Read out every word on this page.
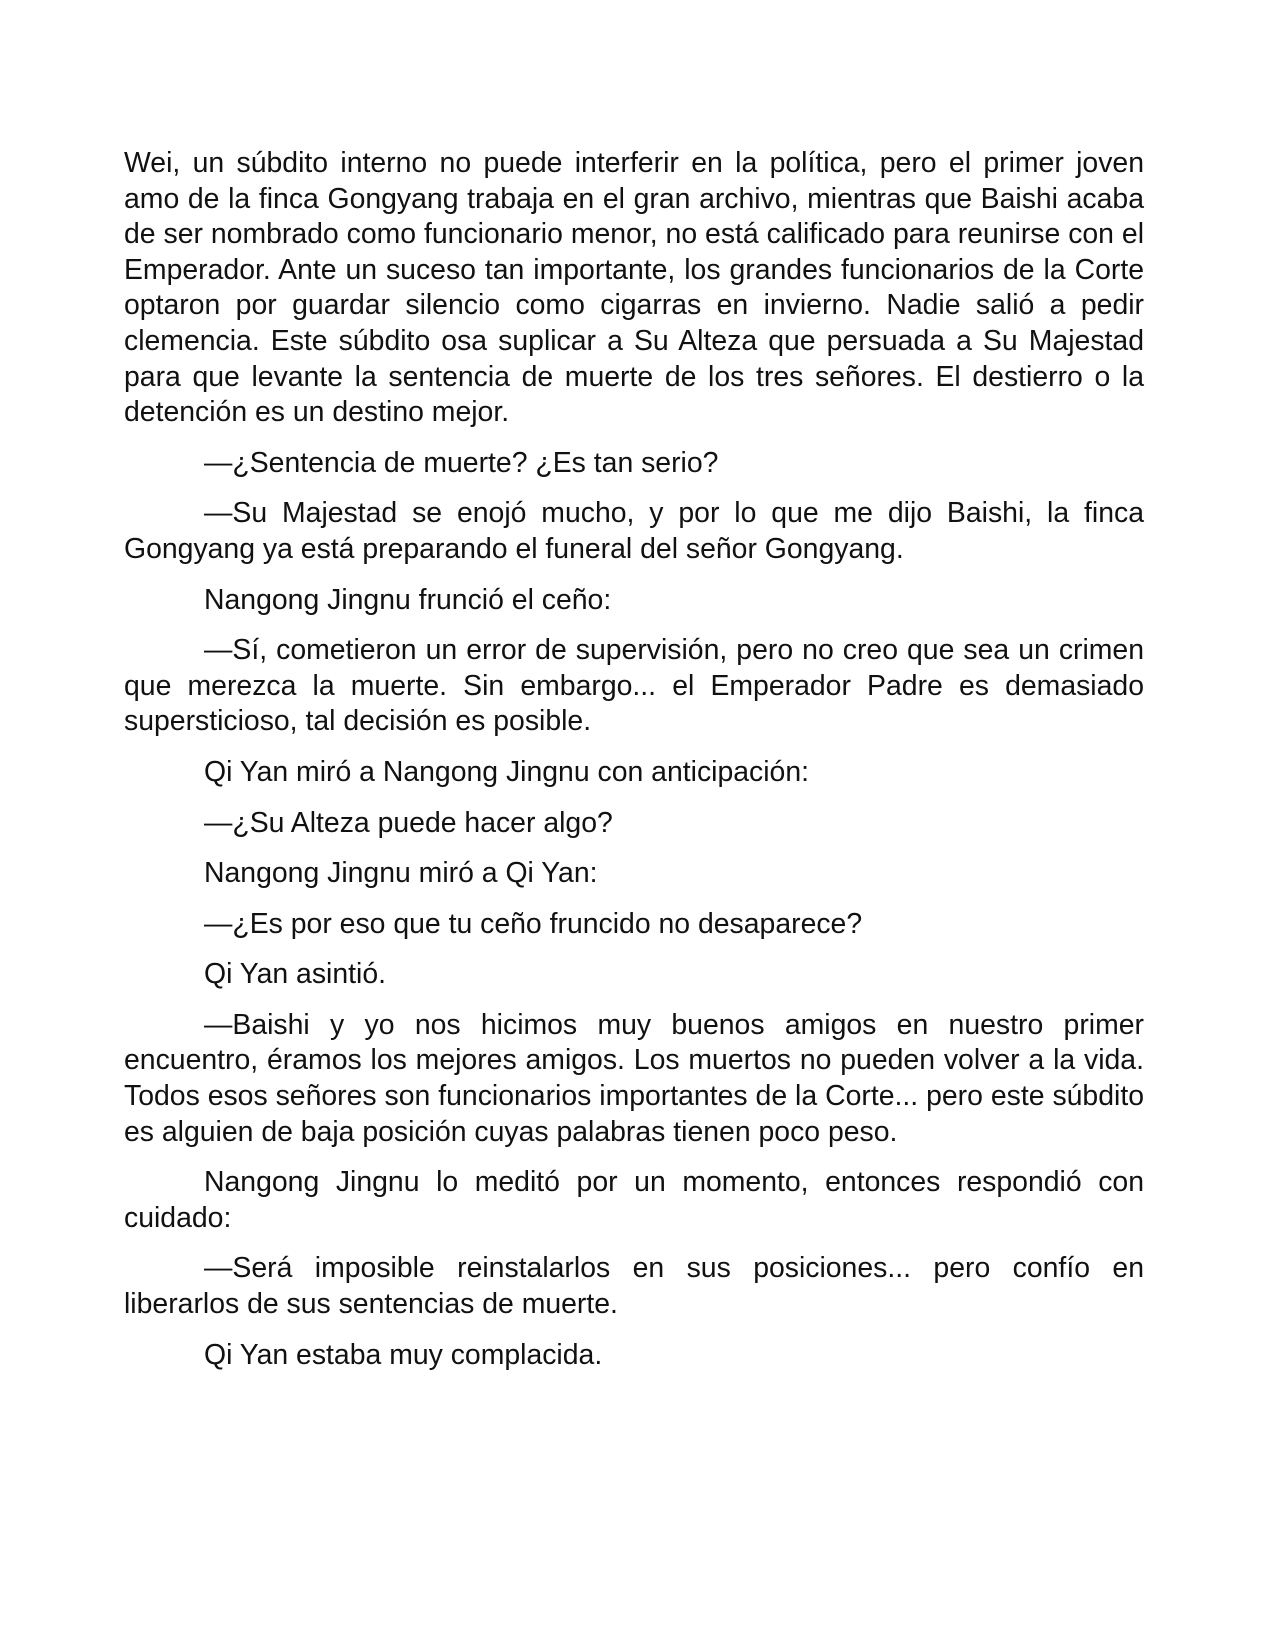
Wei, un súbdito interno no puede interferir en la política, pero el primer joven amo de la finca Gongyang trabaja en el gran archivo, mientras que Baishi acaba de ser nombrado como funcionario menor, no está calificado para reunirse con el Emperador. Ante un suceso tan importante, los grandes funcionarios de la Corte optaron por guardar silencio como cigarras en invierno. Nadie salió a pedir clemencia. Este súbdito osa suplicar a Su Alteza que persuada a Su Majestad para que levante la sentencia de muerte de los tres señores. El destierro o la detención es un destino mejor.

—¿Sentencia de muerte? ¿Es tan serio?

—Su Majestad se enojó mucho, y por lo que me dijo Baishi, la finca Gongyang ya está preparando el funeral del señor Gongyang.

Nangong Jingnu frunció el ceño:

—Sí, cometieron un error de supervisión, pero no creo que sea un crimen que merezca la muerte. Sin embargo... el Emperador Padre es demasiado supersticioso, tal decisión es posible.

Qi Yan miró a Nangong Jingnu con anticipación:

—¿Su Alteza puede hacer algo?

Nangong Jingnu miró a Qi Yan:

—¿Es por eso que tu ceño fruncido no desaparece?

Qi Yan asintió.

—Baishi y yo nos hicimos muy buenos amigos en nuestro primer encuentro, éramos los mejores amigos. Los muertos no pueden volver a la vida. Todos esos señores son funcionarios importantes de la Corte... pero este súbdito es alguien de baja posición cuyas palabras tienen poco peso.

Nangong Jingnu lo meditó por un momento, entonces respondió con cuidado:

—Será imposible reinstalarlos en sus posiciones... pero confío en liberarlos de sus sentencias de muerte.

Qi Yan estaba muy complacida.
